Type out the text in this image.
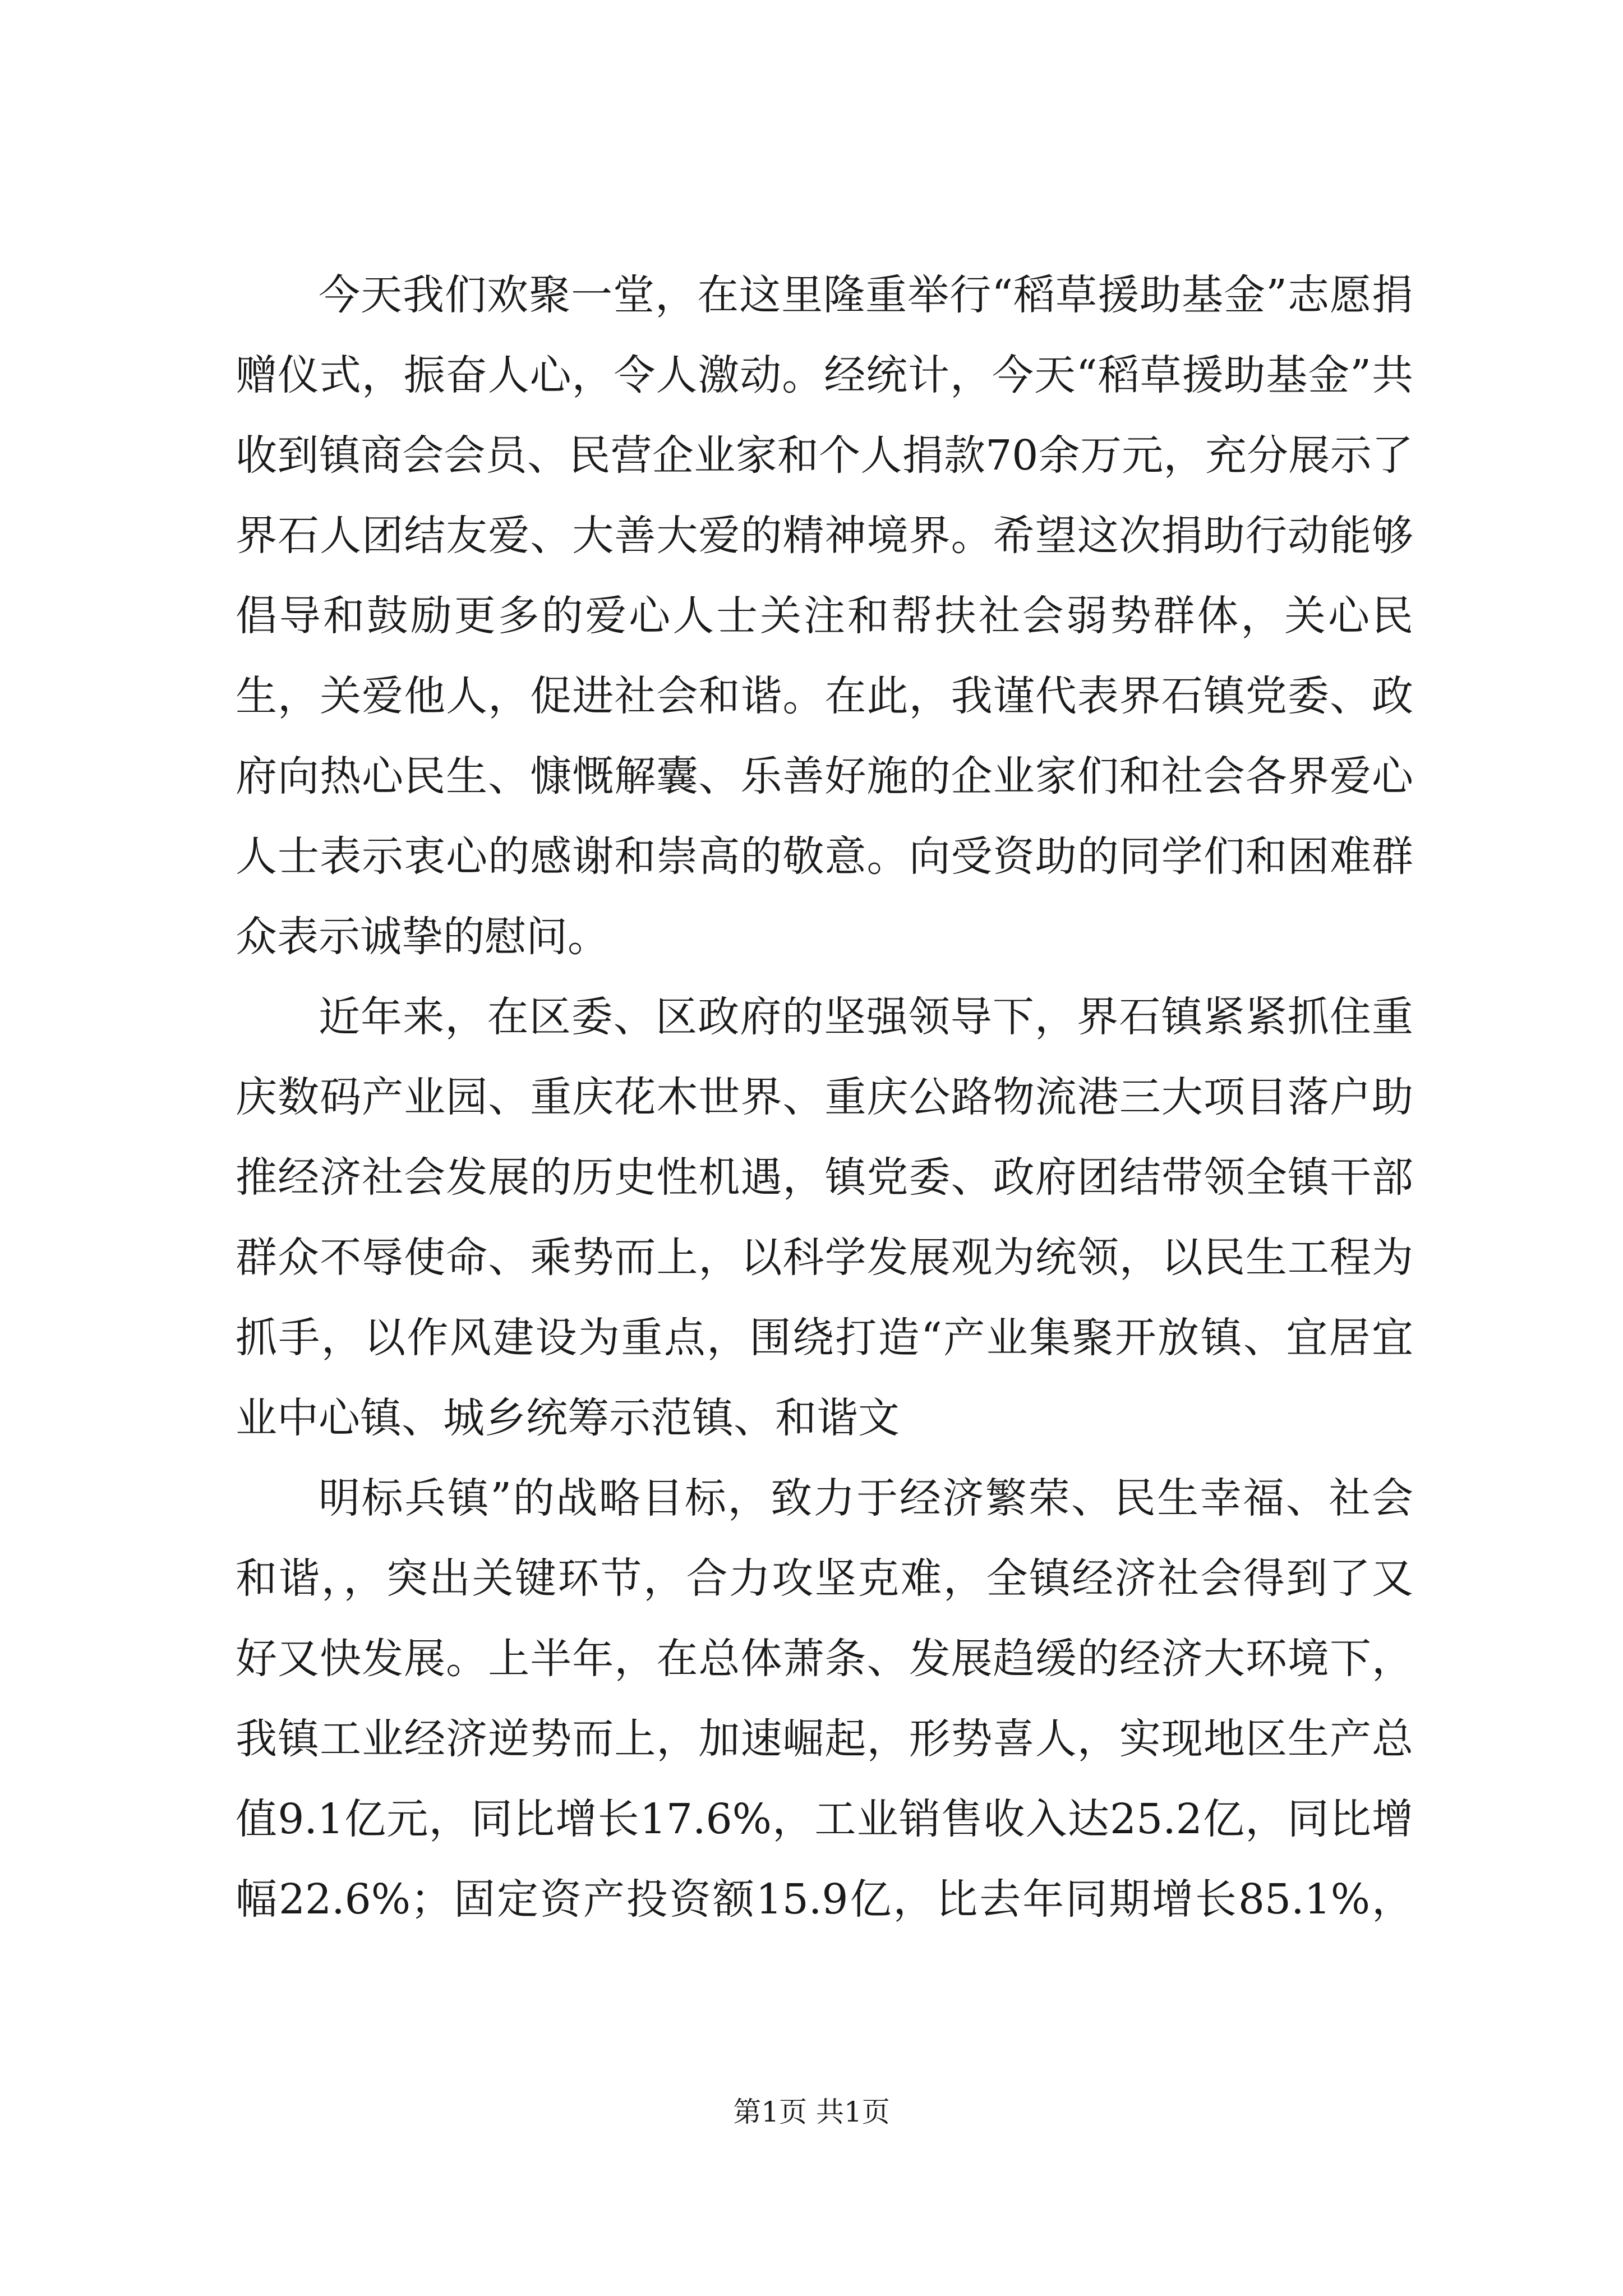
今天我们欢聚一堂，在这里隆重举行“稻草援助基金”志愿捐赠仪式，振奋人心，令人激动。经统计，今天“稻草援助基金”共收到镇商会会员、民营企业家和个人捐款70余万元，充分展示了界石人团结友爱、大善大爱的精神境界。希望这次捐助行动能够倡导和鼓励更多的爱心人士关注和帮扶社会弱势群体，关心民生，关爱他人，促进社会和谐。在此，我谨代表界石镇党委、政府向热心民生、慷慨解囊、乐善好施的企业家们和社会各界爱心人士表示衷心的感谢和崇高的敬意。向受资助的同学们和困难群众表示诚挚的慰问。

近年来，在区委、区政府的坚强领导下，界石镇紧紧抓住重庆数码产业园、重庆花木世界、重庆公路物流港三大项目落户助推经济社会发展的历史性机遇，镇党委、政府团结带领全镇干部群众不辱使命、乘势而上，以科学发展观为统领，以民生工程为抓手，以作风建设为重点，围绕打造“产业集聚开放镇、宜居宜业中心镇、城乡统筹示范镇、和谐文

明标兵镇”的战略目标，致力于经济繁荣、民生幸福、社会和谐，，突出关键环节，合力攻坚克难，全镇经济社会得到了又好又快发展。上半年，在总体萧条、发展趋缓的经济大环境下，我镇工业经济逆势而上，加速崛起，形势喜人，实现地区生产总值9.1亿元，同比增长17.6%，工业销售收入达25.2亿，同比增幅22.6%；固定资产投资额15.9亿，比去年同期增长85.1%，

第1页 共1页
